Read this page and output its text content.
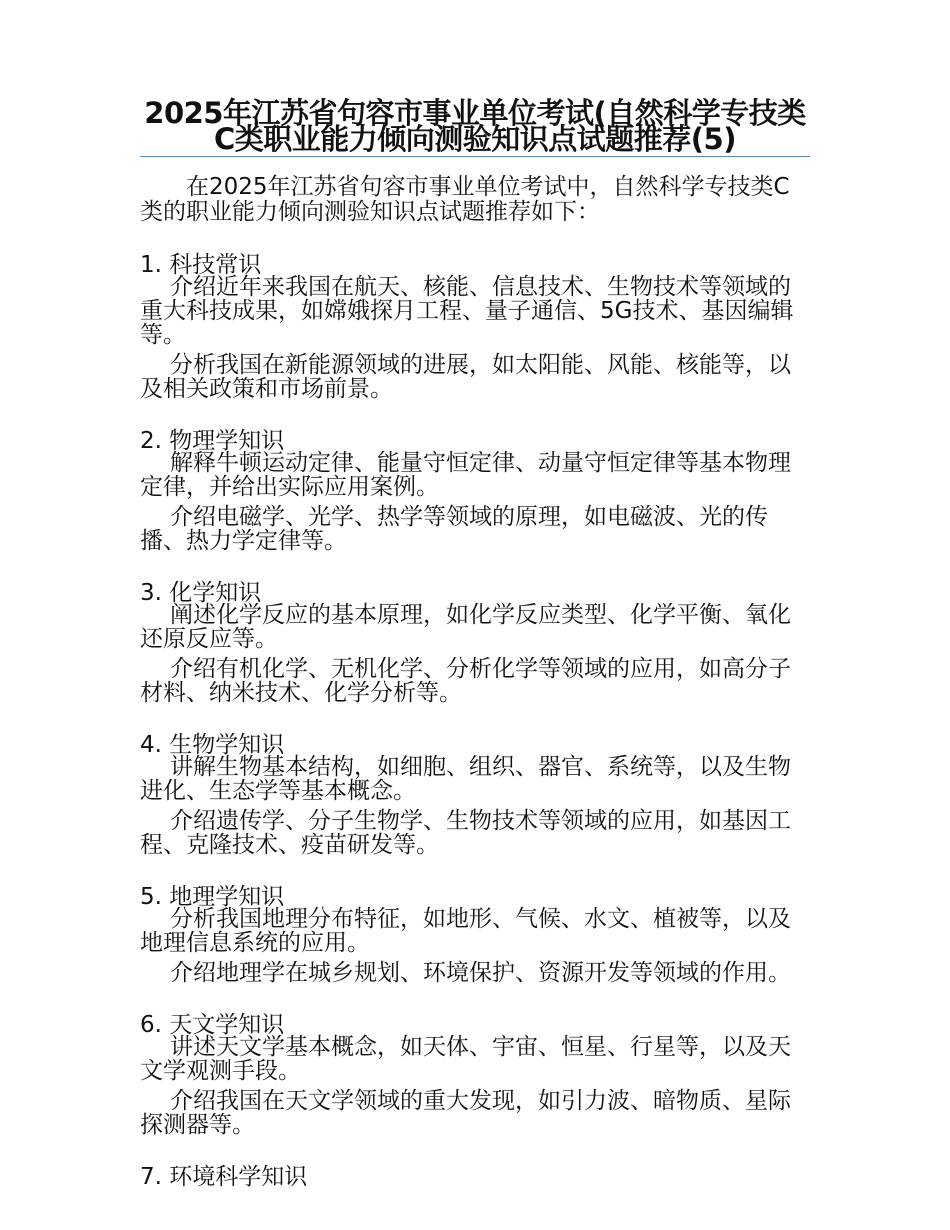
2025年江苏省句容市事业单位考试(自然科学专技类C类职业能力倾向测验知识点试题推荐(5)

在2025年江苏省句容市事业单位考试中，自然科学专技类C类的职业能力倾向测验知识点试题推荐如下：

1. 科技常识

介绍近年来我国在航天、核能、信息技术、生物技术等领域的重大科技成果，如嫦娥探月工程、量子通信、5G技术、基因编辑等。

分析我国在新能源领域的进展，如太阳能、风能、核能等，以及相关政策和市场前景。

2. 物理学知识

解释牛顿运动定律、能量守恒定律、动量守恒定律等基本物理定律，并给出实际应用案例。

介绍电磁学、光学、热学等领域的原理，如电磁波、光的传播、热力学定律等。

3. 化学知识

阐述化学反应的基本原理，如化学反应类型、化学平衡、氧化还原反应等。

介绍有机化学、无机化学、分析化学等领域的应用，如高分子材料、纳米技术、化学分析等。

4. 生物学知识

讲解生物基本结构，如细胞、组织、器官、系统等，以及生物进化、生态学等基本概念。

介绍遗传学、分子生物学、生物技术等领域的应用，如基因工程、克隆技术、疫苗研发等。

5. 地理学知识

分析我国地理分布特征，如地形、气候、水文、植被等，以及地理信息系统的应用。

介绍地理学在城乡规划、环境保护、资源开发等领域的作用。

6. 天文学知识

讲述天文学基本概念，如天体、宇宙、恒星、行星等，以及天文学观测手段。

介绍我国在天文学领域的重大发现，如引力波、暗物质、星际探测器等。

7. 环境科学知识
